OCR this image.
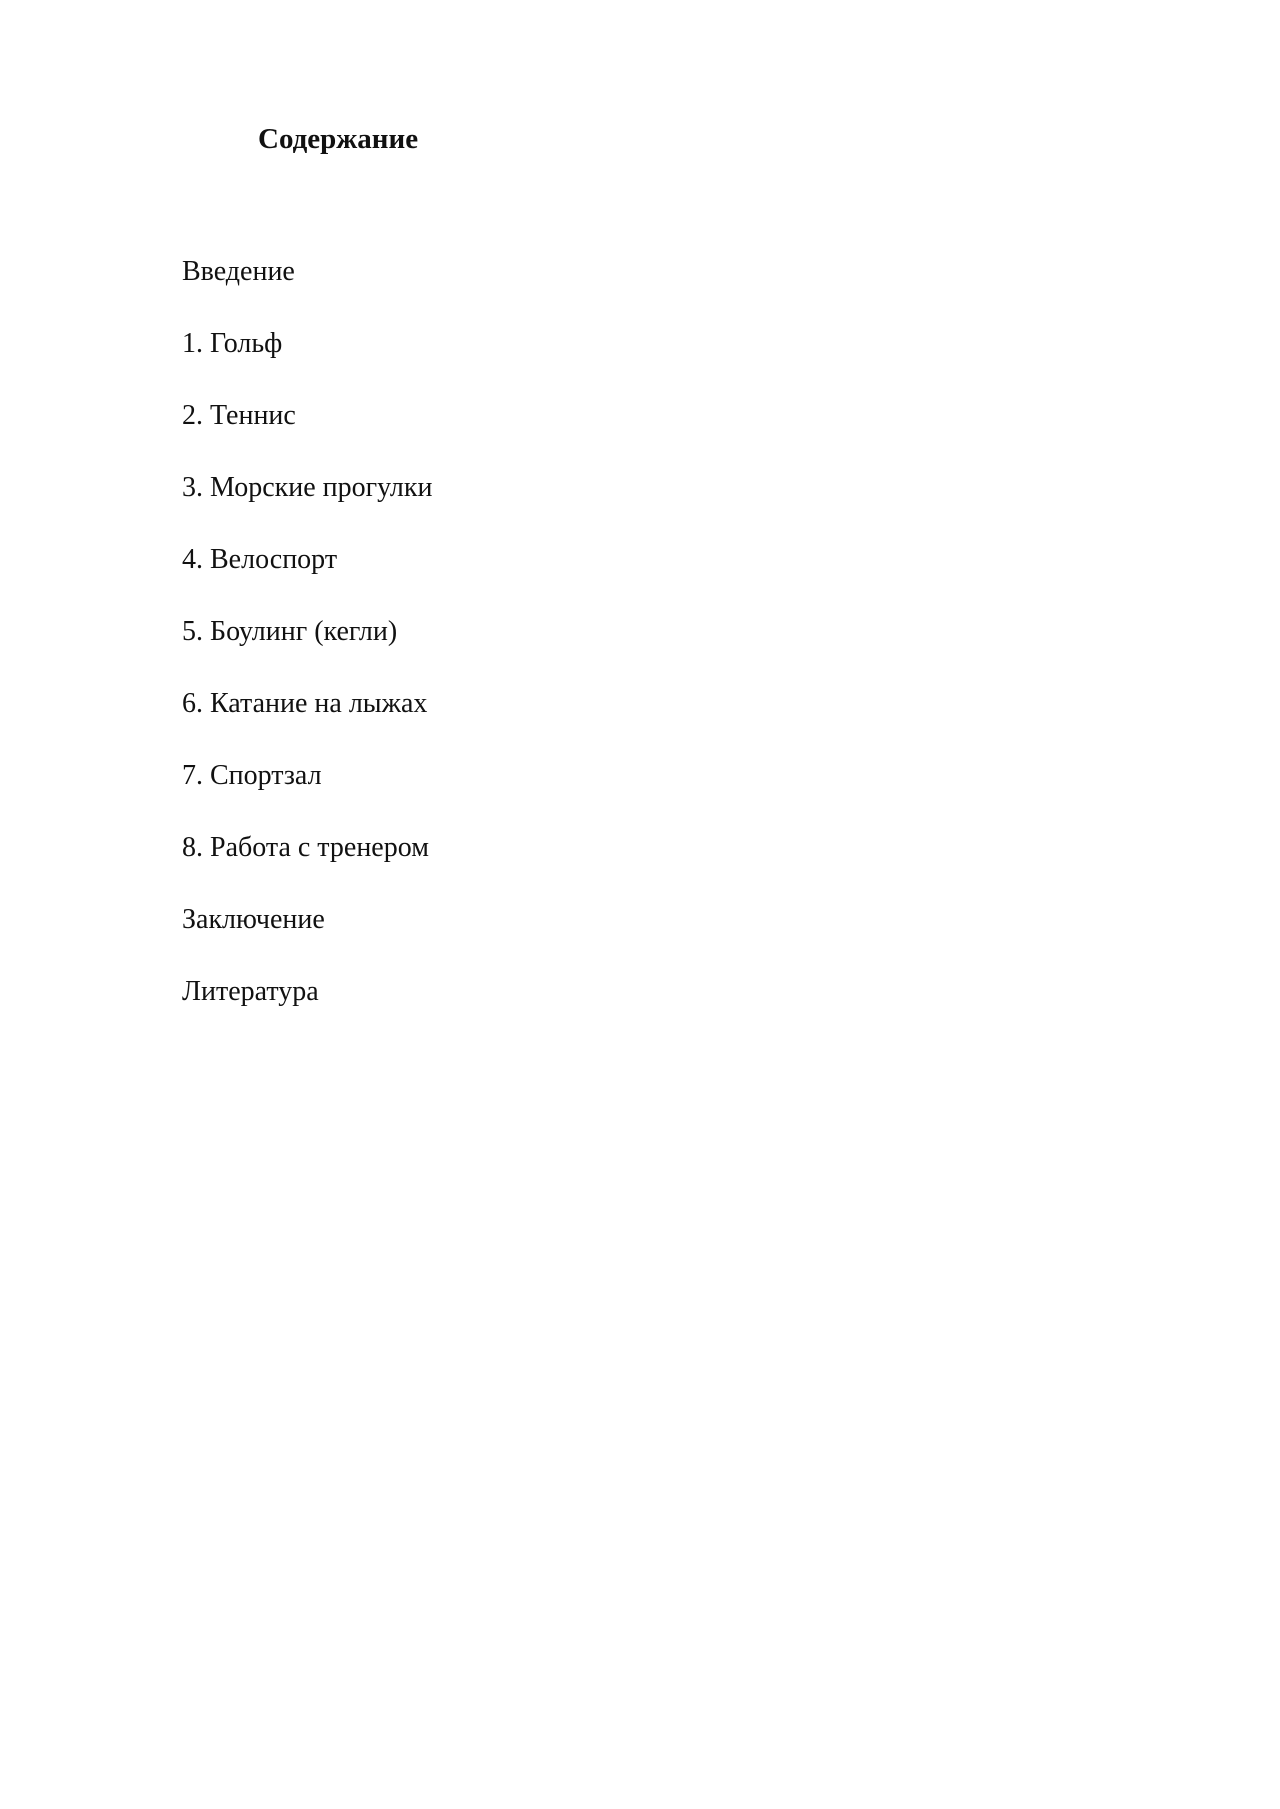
Содержание
Введение
1. Гольф
2. Теннис
3. Морские прогулки
4. Велоспорт
5. Боулинг (кегли)
6. Катание на лыжах
7. Спортзал
8. Работа с тренером
Заключение
Литература
